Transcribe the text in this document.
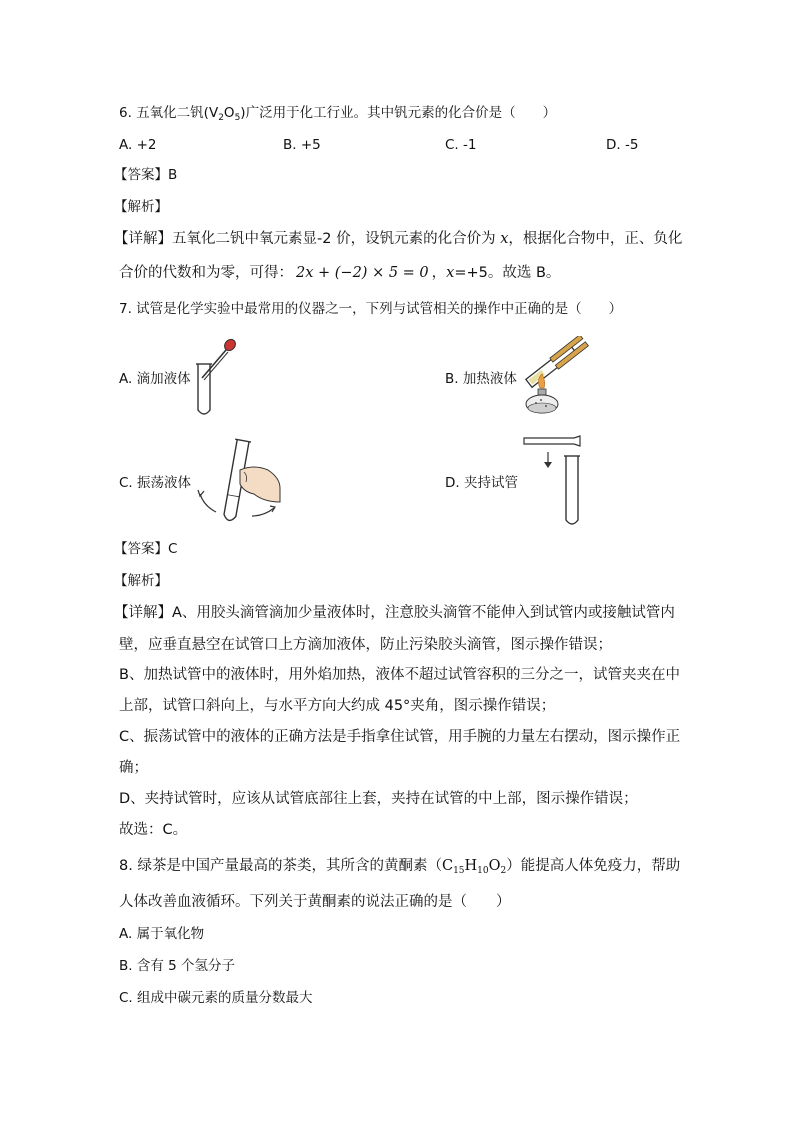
6. 五氧化二钒$(V_2O_5)$广泛用于化工行业。其中钒元素的化合价是（　　）
A. +2	B. +5	C. -1	D. -5
【答案】B
【解析】
【详解】五氧化二钒中氧元素显-2 价，设钒元素的化合价为 x，根据化合物中，正、负化
合价的代数和为零，可得： 2x + (−2) × 5 = 0 ，x=+5。故选 B。
7. 试管是化学实验中最常用的仪器之一，下列与试管相关的操作中正确的是（　　）
A. 滴加液体	B. 加热液体
C. 振荡液体	D. 夹持试管
【答案】C
【解析】
【详解】A、用胶头滴管滴加少量液体时，注意胶头滴管不能伸入到试管内或接触试管内
壁，应垂直悬空在试管口上方滴加液体，防止污染胶头滴管，图示操作错误；
B、加热试管中的液体时，用外焰加热，液体不超过试管容积的三分之一，试管夹夹在中
上部，试管口斜向上，与水平方向大约成 45°夹角，图示操作错误；
C、振荡试管中的液体的正确方法是手指拿住试管，用手腕的力量左右摆动，图示操作正
确；
D、夹持试管时，应该从试管底部往上套，夹持在试管的中上部，图示操作错误；
故选：C。
8. 绿茶是中国产量最高的茶类，其所含的黄酮素$(C_{15}H_{10}O_2)$能提高人体免疫力，帮助
人体改善血液循环。下列关于黄酮素的说法正确的是（　　）
A. 属于氧化物
B. 含有 5 个氢分子
C. 组成中碳元素的质量分数最大
